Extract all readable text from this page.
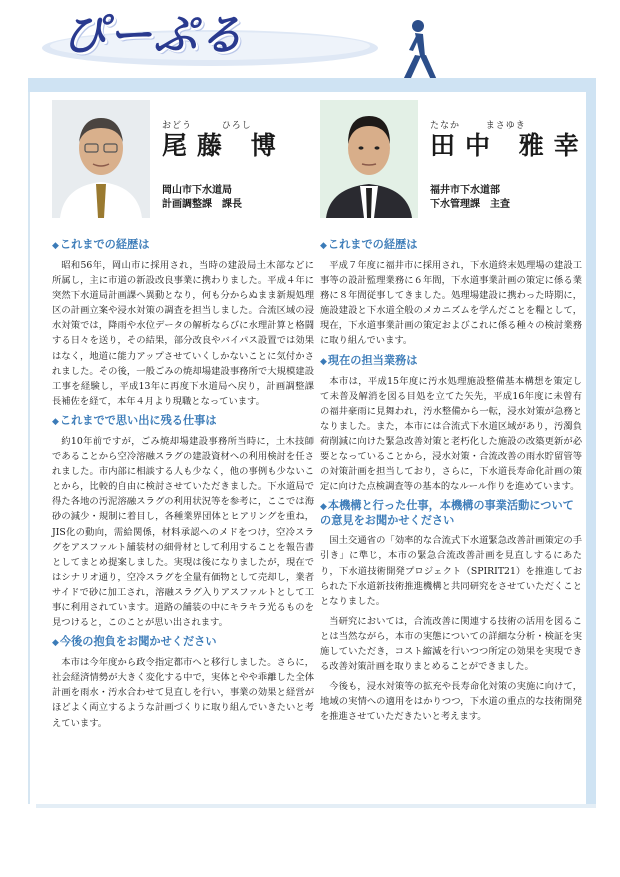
ぴーぷる
おどう	ひろし
尾藤 博
岡山市下水道局
計画調整課　課長
たなか	まさゆき
田中 雅幸
福井市下水道部
下水管理課　主査
◆これまでの経歴は

昭和56年，岡山市に採用され，当時の建設局土木部などに所属し，主に市道の新設改良事業に携わりました。平成４年に突然下水道局計画課へ異動となり，何も分からぬまま新規処理区の計画立案や浸水対策の調査を担当しました。合流区域の浸水対策では，降雨や水位データの解析ならびに水理計算と格闘する日々を送り，その結果，部分改良やバイパス設置では効果はなく，地道に能力アップさせていくしかないことに気付かされました。その後，一般ごみの焼却場建設事務所で大規模建設工事を経験し，平成13年に再度下水道局へ戻り，計画調整課長補佐を経て，本年４月より現職となっています。

◆これまでで思い出に残る仕事は

約10年前ですが，ごみ焼却場建設事務所当時に，土木技師であることから空冷溶融スラグの建設資材への利用検討を任されました。市内部に相談する人も少なく，他の事例も少ないことから，比較的自由に検討させていただきました。下水道局で得た各地の汚泥溶融スラグの利用状況等を参考に，ここでは海砂の減少・規制に着目し，各種業界団体とヒアリングを重ね，JIS化の動向，需給関係，材料承認へのメドをつけ，空冷スラグをアスファルト舗装材の細骨材として利用することを報告書としてまとめ提案しました。実現は後になりましたが，現在ではシナリオ通り，空冷スラグを全量有価物として売却し，業者サイドで砂に加工され，溶融スラグ入りアスファルトとして工事に利用されています。道路の舗装の中にキラキラ光るものを見つけると，このことが思い出されます。

◆今後の抱負をお聞かせください

本市は今年度から政令指定都市へと移行しました。さらに，社会経済情勢が大きく変化する中で，実体とやや乖離した全体計画を雨水・汚水合わせて見直しを行い，事業の効果と経営がほどよく両立するような計画づくりに取り組んでいきたいと考えています。

◆これまでの経歴は

平成７年度に福井市に採用され，下水道終末処理場の建設工事等の設計監理業務に６年間，下水道事業計画の策定に係る業務に８年間従事してきました。処理場建設に携わった時期に，施設建設と下水道全般のメカニズムを学んだことを糧として，現在，下水道事業計画の策定およびこれに係る種々の検討業務に取り組んでいます。

◆現在の担当業務は

本市は，平成15年度に汚水処理施設整備基本構想を策定して未普及解消を図る目処を立てた矢先，平成16年度に未曾有の福井豪雨に見舞われ，汚水整備から一転，浸水対策が急務となりました。また，本市には合流式下水道区域があり，汚濁負荷削減に向けた緊急改善対策と老朽化した施設の改築更新が必要となっていることから，浸水対策・合流改善の雨水貯留管等の対策計画を担当しており，さらに，下水道長寿命化計画の策定に向けた点検調査等の基本的なルール作りを進めています。

◆本機構と行った仕事，本機構の事業活動についての意見をお聞かせください

国土交通省の「効率的な合流式下水道緊急改善計画策定の手引き」に準じ，本市の緊急合流改善計画を見直しするにあたり，下水道技術開発プロジェクト（SPIRIT21）を推進しておられた下水道新技術推進機構と共同研究をさせていただくこととなりました。

当研究においては，合流改善に関連する技術の活用を図ることは当然ながら，本市の実態についての詳細な分析・検証を実施していただき，コスト縮減を行いつつ所定の効果を実現できる改善対策計画を取りまとめることができました。

今後も，浸水対策等の拡充や長寿命化対策の実施に向けて，地域の実情への適用をはかりつつ，下水道の重点的な技術開発を推進させていただきたいと考えます。
